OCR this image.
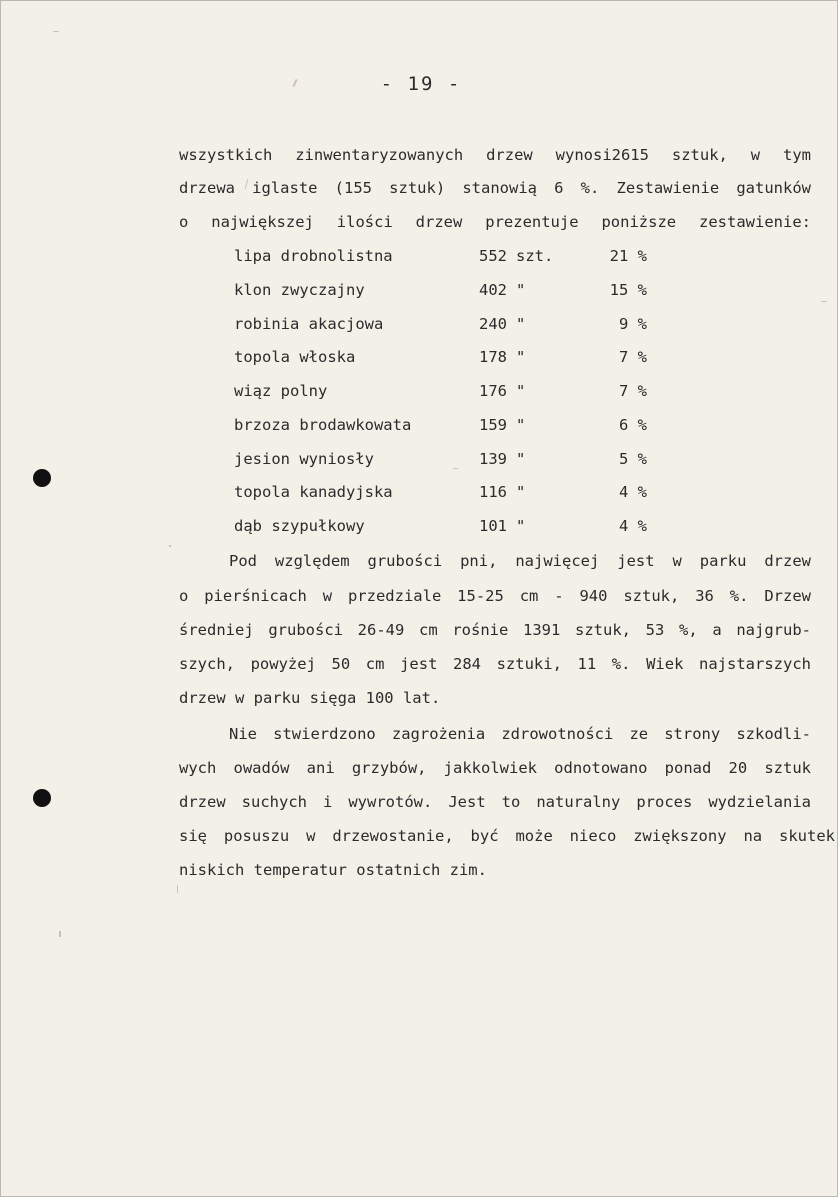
- 19 -
wszystkich zinwentaryzowanych drzew wynosi2615 sztuk, w tym
drzewa iglaste (155 sztuk) stanowią 6 %. Zestawienie gatunków
o największej ilości drzew prezentuje poniższe zestawienie:
lipa drobnolistna	552 szt.	21 %
klon zwyczajny	402 "	15 %
robinia akacjowa	240 "	9 %
topola włoska	178 "	7 %
wiąz polny	176 "	7 %
brzoza brodawkowata	159 "	6 %
jesion wyniosły	139 "	5 %
topola kanadyjska	116 "	4 %
dąb szypułkowy	101 "	4 %
Pod względem grubości pni, najwięcej jest w parku drzew
o pierśnicach w przedziale 15-25 cm - 940 sztuk, 36 %. Drzew
średniej grubości 26-49 cm rośnie 1391 sztuk, 53 %, a najgrub-
szych, powyżej 50 cm jest 284 sztuki, 11 %. Wiek najstarszych
drzew w parku sięga 100 lat.
Nie stwierdzono zagrożenia zdrowotności ze strony szkodli-
wych owadów ani grzybów, jakkolwiek odnotowano ponad 20 sztuk
drzew suchych i wywrotów. Jest to naturalny proces wydzielania
się posuszu w drzewostanie, być może nieco zwiększony na skutek
niskich temperatur ostatnich zim.
